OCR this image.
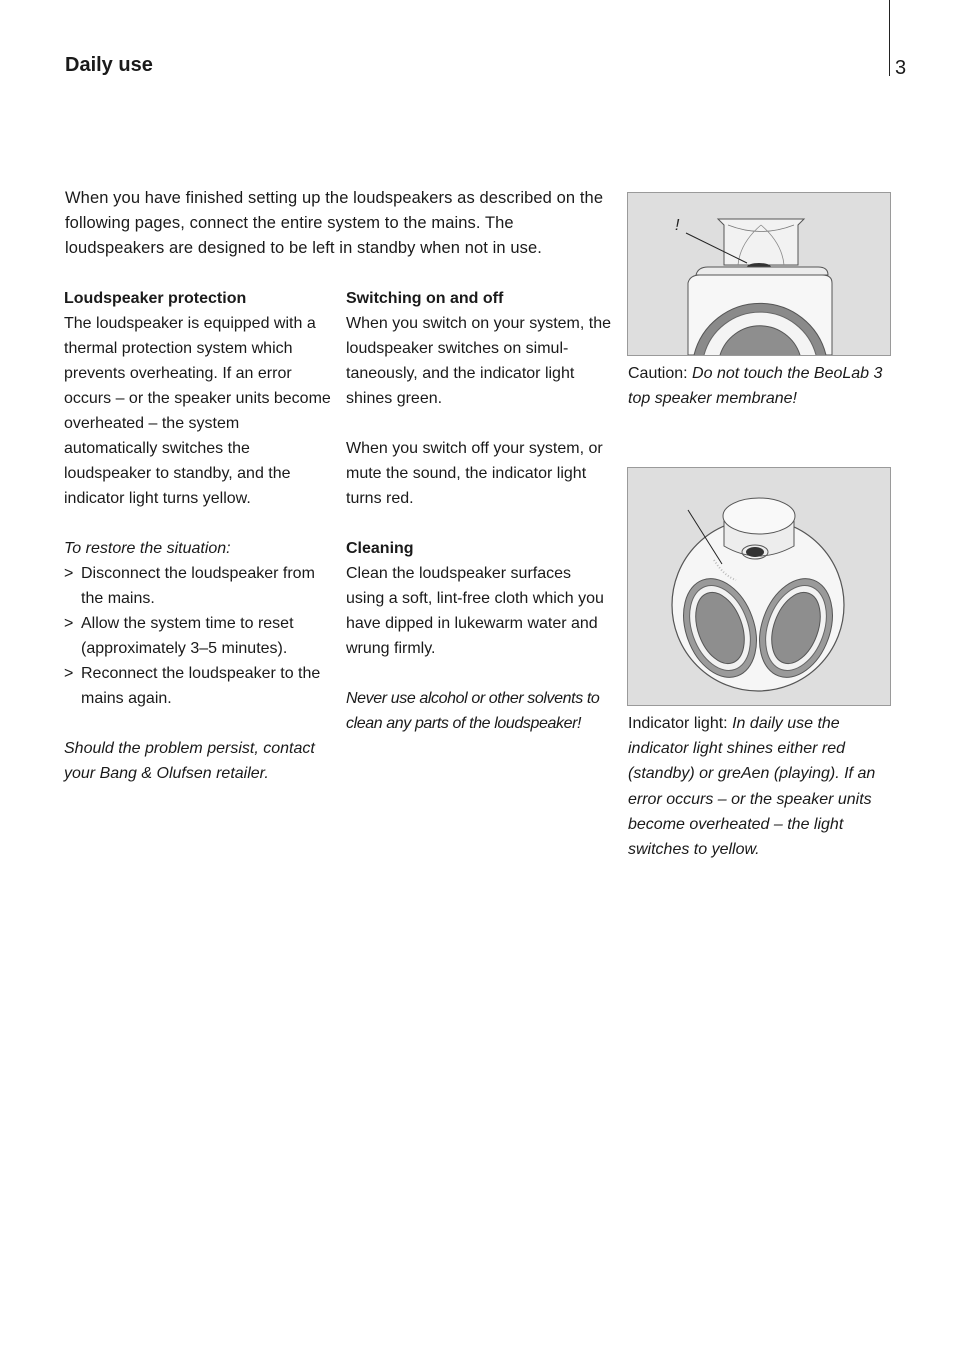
Daily use	3
When you have finished setting up the loudspeakers as described on the following pages, connect the entire system to the mains. The loudspeakers are designed to be left in standby when not in use.
Loudspeaker protection
The loudspeaker is equipped with a thermal protection system which prevents overheating. If an error occurs – or the speaker units become overheated – the system automatically switches the loudspeaker to standby, and the indicator light turns yellow.
To restore the situation:
> Disconnect the loudspeaker from the mains.
> Allow the system time to reset (approximately 3–5 minutes).
> Reconnect the loudspeaker to the mains again.
Should the problem persist, contact your Bang & Olufsen retailer.
Switching on and off
When you switch on your system, the loudspeaker switches on simultaneously, and the indicator light shines green.
When you switch off your system, or mute the sound, the indicator light turns red.
Cleaning
Clean the loudspeaker surfaces using a soft, lint-free cloth which you have dipped in lukewarm water and wrung firmly.
Never use alcohol or other solvents to clean any parts of the loudspeaker!
!
Caution: Do not touch the BeoLab 3 top speaker membrane!
Indicator light: In daily use the indicator light shines either red (standby) or greAen (playing). If an error occurs – or the speaker units become overheated – the light switches to yellow.
